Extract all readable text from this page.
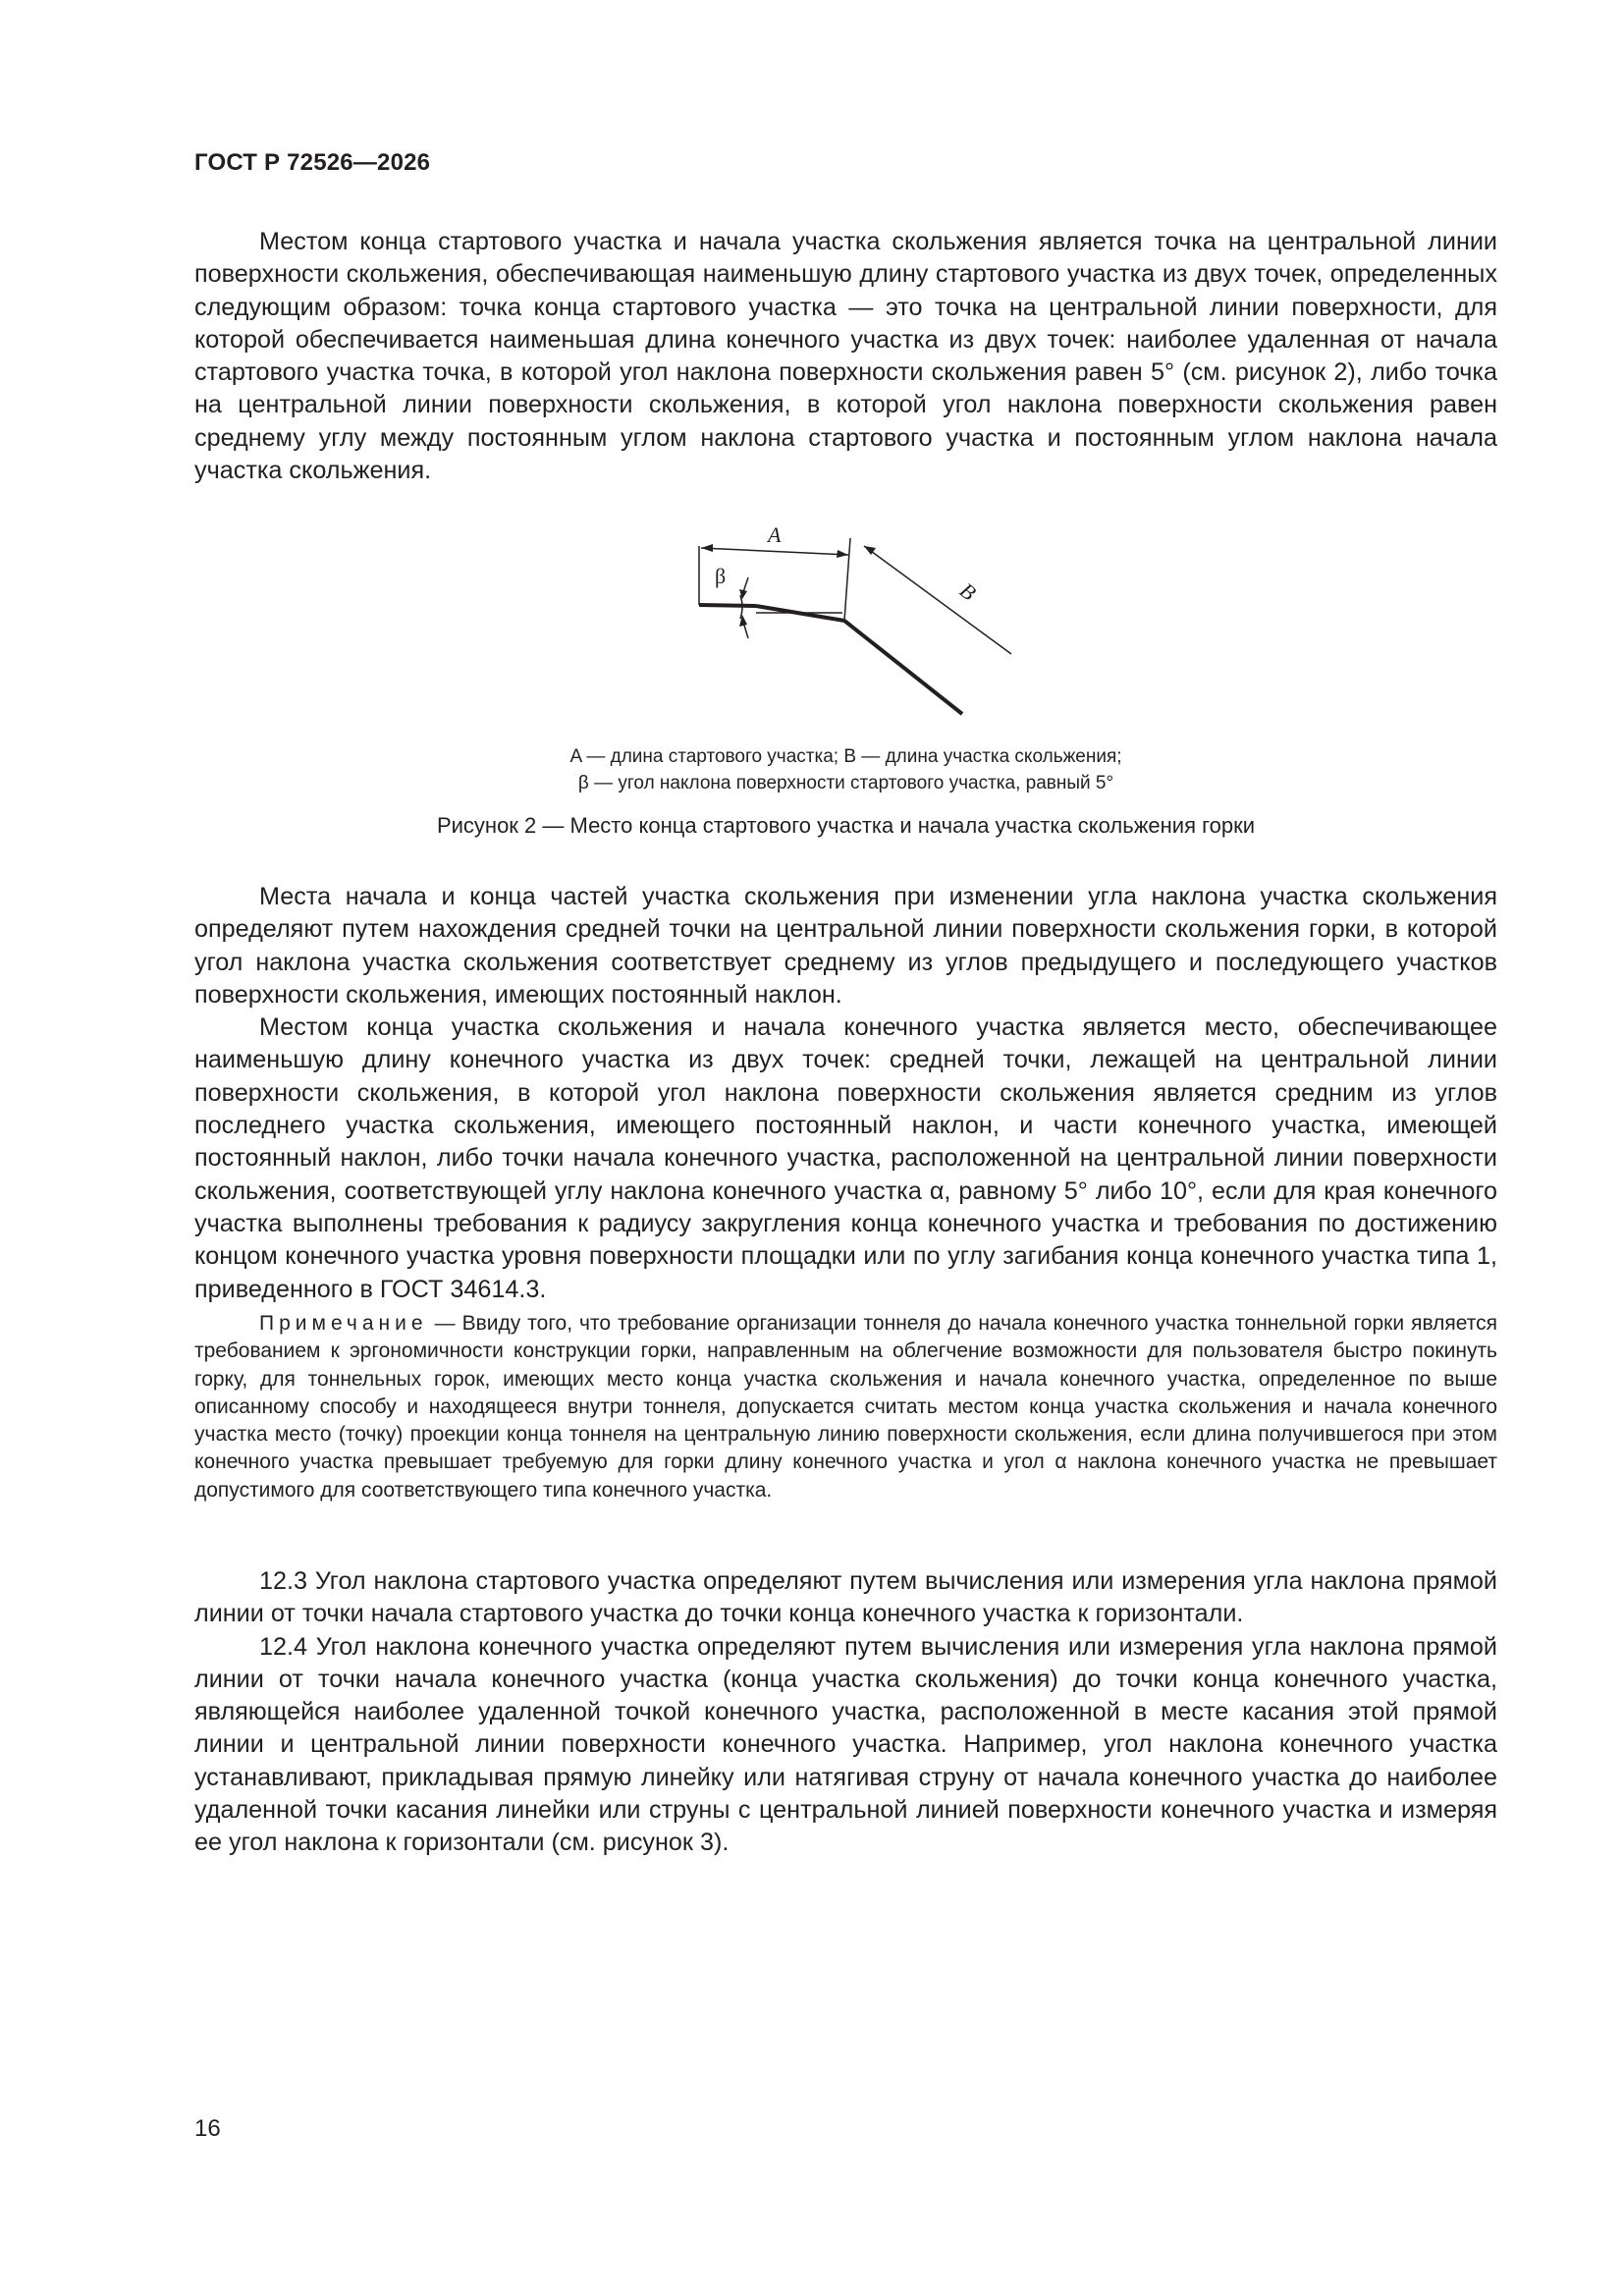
ГОСТ Р 72526—2026

Местом конца стартового участка и начала участка скольжения является точка на центральной линии поверхности скольжения, обеспечивающая наименьшую длину стартового участка из двух точек, определенных следующим образом: точка конца стартового участка — это точка на центральной линии поверхности, для которой обеспечивается наименьшая длина конечного участка из двух точек: наиболее удаленная от начала стартового участка точка, в которой угол наклона поверхности скольжения равен 5° (см. рисунок 2), либо точка на центральной линии поверхности скольжения, в которой угол наклона поверхности скольжения равен среднему углу между постоянным углом наклона стартового участка и постоянным углом наклона начала участка скольжения.

A
B
β
A — длина стартового участка; B — длина участка скольжения;
β — угол наклона поверхности стартового участка, равный 5°
Рисунок 2 — Место конца стартового участка и начала участка скольжения горки

Места начала и конца частей участка скольжения при изменении угла наклона участка скольжения определяют путем нахождения средней точки на центральной линии поверхности скольжения горки, в которой угол наклона участка скольжения соответствует среднему из углов предыдущего и последующего участков поверхности скольжения, имеющих постоянный наклон.

Местом конца участка скольжения и начала конечного участка является место, обеспечивающее наименьшую длину конечного участка из двух точек: средней точки, лежащей на центральной линии поверхности скольжения, в которой угол наклона поверхности скольжения является средним из углов последнего участка скольжения, имеющего постоянный наклон, и части конечного участка, имеющей постоянный наклон, либо точки начала конечного участка, расположенной на центральной линии поверхности скольжения, соответствующей углу наклона конечного участка α, равному 5° либо 10°, если для края конечного участка выполнены требования к радиусу закругления конца конечного участка и требования по достижению концом конечного участка уровня поверхности площадки или по углу загибания конца конечного участка типа 1, приведенного в ГОСТ 34614.3.

Примечание — Ввиду того, что требование организации тоннеля до начала конечного участка тоннельной горки является требованием к эргономичности конструкции горки, направленным на облегчение возможности для пользователя быстро покинуть горку, для тоннельных горок, имеющих место конца участка скольжения и начала конечного участка, определенное по выше описанному способу и находящееся внутри тоннеля, допускается считать местом конца участка скольжения и начала конечного участка место (точку) проекции конца тоннеля на центральную линию поверхности скольжения, если длина получившегося при этом конечного участка превышает требуемую для горки длину конечного участка и угол α наклона конечного участка не превышает допустимого для соответствующего типа конечного участка.

12.3 Угол наклона стартового участка определяют путем вычисления или измерения угла наклона прямой линии от точки начала стартового участка до точки конца конечного участка к горизонтали.

12.4 Угол наклона конечного участка определяют путем вычисления или измерения угла наклона прямой линии от точки начала конечного участка (конца участка скольжения) до точки конца конечного участка, являющейся наиболее удаленной точкой конечного участка, расположенной в месте касания этой прямой линии и центральной линии поверхности конечного участка. Например, угол наклона конечного участка устанавливают, прикладывая прямую линейку или натягивая струну от начала конечного участка до наиболее удаленной точки касания линейки или струны с центральной линией поверхности конечного участка и измеряя ее угол наклона к горизонтали (см. рисунок 3).

16
